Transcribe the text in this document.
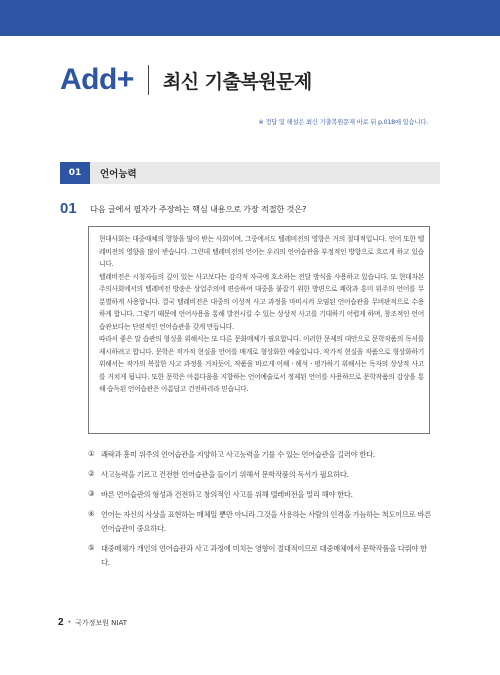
Add+ 최신 기출복원문제
※ 정답 및 해설은 최신 기출복원문제 바로 뒤 p.018에 있습니다.
01	언어능력
01 다음 글에서 필자가 주장하는 핵심 내용으로 가장 적절한 것은?

현대사회는 대중매체의 영향을 많이 받는 사회이며, 그중에서도 텔레비전의 영향은 거의 절대적입니다. 언어 또한 텔레비전의 영향을 많이 받습니다. 그런데 텔레비전의 언어는 우리의 언어습관을 부정적인 방향으로 흐르게 하고 있습니다.

텔레비전은 시청자들의 깊이 있는 사고보다는 감각적 자극에 호소하는 전달 방식을 사용하고 있습니다. 또 현대자본주의사회에서의 텔레비전 방송은 상업주의에 편승하여 대중을 붙잡기 위한 방편으로 쾌락과 흥미 위주의 언어를 무분별하게 사용합니다. 결국 텔레비전은 대중의 이성적 사고 과정을 마비시켜 오염된 언어습관을 무비판적으로 수용하게 합니다. 그렇기 때문에 언어사용을 통해 발전시킬 수 있는 상상적 사고를 기대하기 어렵게 하며, 창조적인 언어습관보다는 단편적인 언어습관을 갖게 만듭니다.

따라서 좋은 말 습관의 형성을 위해서는 또 다른 문화매체가 필요합니다. 이러한 문제의 대안으로 문학작품의 독서를 제시하려고 합니다. 문학은 작가적 현실을 언어를 매개로 형상화한 예술입니다. 작가적 현실을 작품으로 형상화하기 위해서는 작가의 복잡한 사고 과정을 거치듯이, 작품을 바르게 이해ㆍ해석ㆍ평가하기 위해서는 독자의 상상적 사고를 거치게 됩니다. 또한 문학은 아름다움을 지향하는 언어예술로서 정제된 언어를 사용하므로 문학작품의 감상을 통해 습득된 언어습관은 아름답고 건전하리라 믿습니다.

① 쾌락과 흥미 위주의 언어습관을 지양하고 사고능력을 기를 수 있는 언어습관을 길러야 한다.
② 사고능력을 기르고 건전한 언어습관을 들이기 위해서 문학작품의 독서가 필요하다.
③ 바른 언어습관의 형성과 건전하고 창의적인 사고를 위해 텔레비전을 멀리 해야 한다.
④ 언어는 자신의 사상을 표현하는 매체일 뿐만 아니라 그것을 사용하는 사람의 인격을 가늠하는 척도이므로 바른 언어습관이 중요하다.
⑤ 대중매체가 개인의 언어습관과 사고 과정에 미치는 영향이 절대적이므로 대중매체에서 문학작품을 다뤄야 한다.
2 • 국가정보원 NIAT
